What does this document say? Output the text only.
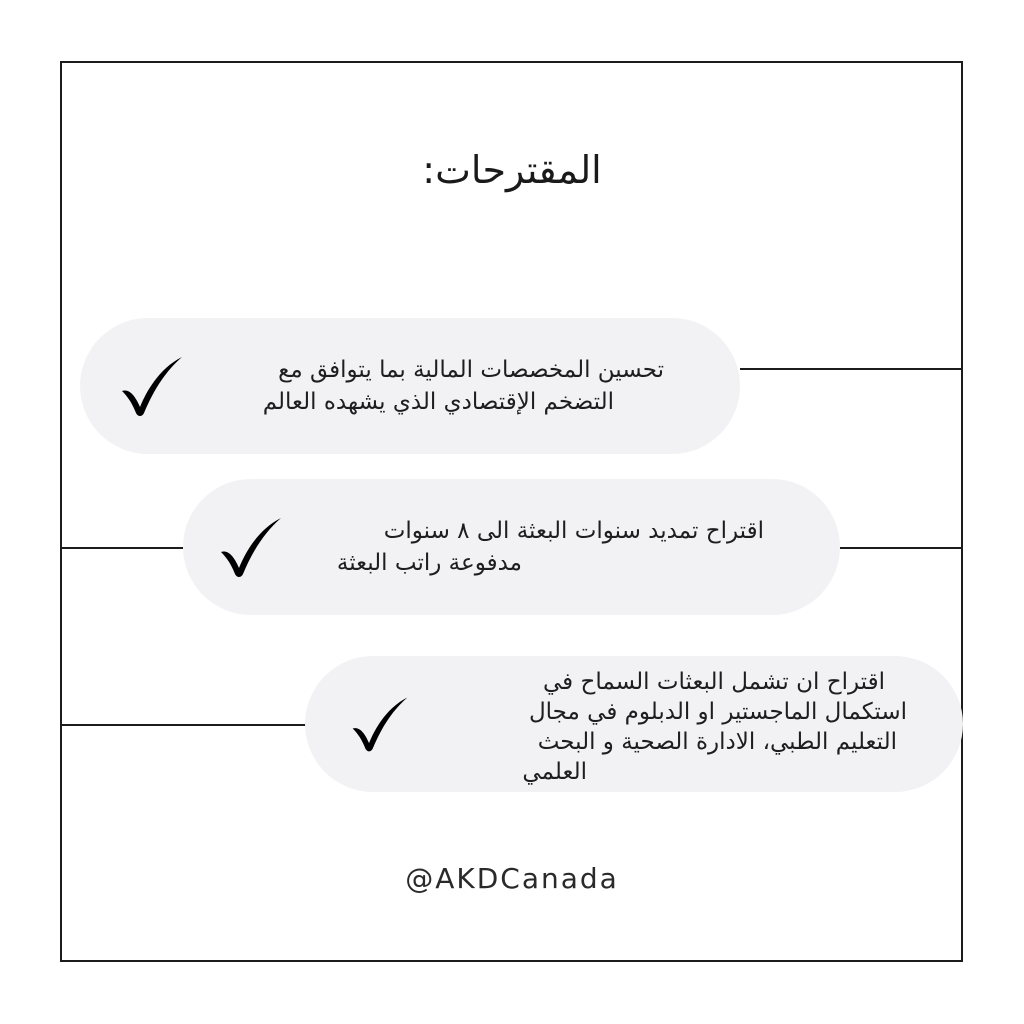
المقترحات:
تحسين المخصصات المالية بما يتوافق مع
التضخم الإقتصادي الذي يشهده العالم
اقتراح تمديد سنوات البعثة الى ٨ سنوات
مدفوعة راتب البعثة
اقتراح ان تشمل البعثات السماح في
استكمال الماجستير او الدبلوم في مجال
التعليم الطبي، الادارة الصحية و البحث
العلمي
@AKDCanada
